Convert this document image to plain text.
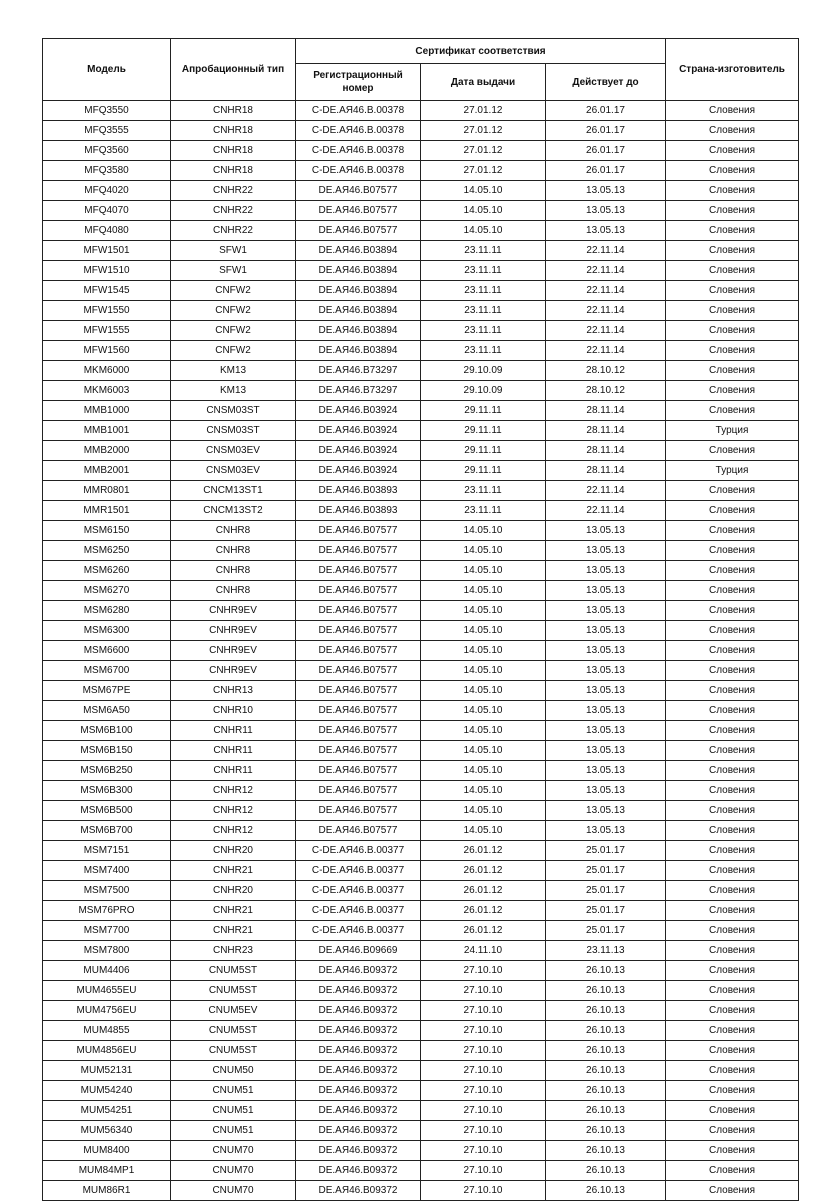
Модель	Апробационный тип	Сертификат соответствия			Страна-изготовитель
		Регистрационный номер	Дата выдачи	Действует до	
MFQ3550	CNHR18	C-DE.АЯ46.B.00378	27.01.12	26.01.17	Словения
MFQ3555	CNHR18	C-DE.АЯ46.B.00378	27.01.12	26.01.17	Словения
MFQ3560	CNHR18	C-DE.АЯ46.B.00378	27.01.12	26.01.17	Словения
MFQ3580	CNHR18	C-DE.АЯ46.B.00378	27.01.12	26.01.17	Словения
MFQ4020	CNHR22	DE.АЯ46.B07577	14.05.10	13.05.13	Словения
MFQ4070	CNHR22	DE.АЯ46.B07577	14.05.10	13.05.13	Словения
MFQ4080	CNHR22	DE.АЯ46.B07577	14.05.10	13.05.13	Словения
MFW1501	SFW1	DE.АЯ46.B03894	23.11.11	22.11.14	Словения
MFW1510	SFW1	DE.АЯ46.B03894	23.11.11	22.11.14	Словения
MFW1545	CNFW2	DE.АЯ46.B03894	23.11.11	22.11.14	Словения
MFW1550	CNFW2	DE.АЯ46.B03894	23.11.11	22.11.14	Словения
MFW1555	CNFW2	DE.АЯ46.B03894	23.11.11	22.11.14	Словения
MFW1560	CNFW2	DE.АЯ46.B03894	23.11.11	22.11.14	Словения
MKM6000	KM13	DE.АЯ46.B73297	29.10.09	28.10.12	Словения
MKM6003	KM13	DE.АЯ46.B73297	29.10.09	28.10.12	Словения
MMB1000	CNSM03ST	DE.АЯ46.B03924	29.11.11	28.11.14	Словения
MMB1001	CNSM03ST	DE.АЯ46.B03924	29.11.11	28.11.14	Турция
MMB2000	CNSM03EV	DE.АЯ46.B03924	29.11.11	28.11.14	Словения
MMB2001	CNSM03EV	DE.АЯ46.B03924	29.11.11	28.11.14	Турция
MMR0801	CNCM13ST1	DE.АЯ46.B03893	23.11.11	22.11.14	Словения
MMR1501	CNCM13ST2	DE.АЯ46.B03893	23.11.11	22.11.14	Словения
MSM6150	CNHR8	DE.АЯ46.B07577	14.05.10	13.05.13	Словения
MSM6250	CNHR8	DE.АЯ46.B07577	14.05.10	13.05.13	Словения
MSM6260	CNHR8	DE.АЯ46.B07577	14.05.10	13.05.13	Словения
MSM6270	CNHR8	DE.АЯ46.B07577	14.05.10	13.05.13	Словения
MSM6280	CNHR9EV	DE.АЯ46.B07577	14.05.10	13.05.13	Словения
MSM6300	CNHR9EV	DE.АЯ46.B07577	14.05.10	13.05.13	Словения
MSM6600	CNHR9EV	DE.АЯ46.B07577	14.05.10	13.05.13	Словения
MSM6700	CNHR9EV	DE.АЯ46.B07577	14.05.10	13.05.13	Словения
MSM67PE	CNHR13	DE.АЯ46.B07577	14.05.10	13.05.13	Словения
MSM6A50	CNHR10	DE.АЯ46.B07577	14.05.10	13.05.13	Словения
MSM6B100	CNHR11	DE.АЯ46.B07577	14.05.10	13.05.13	Словения
MSM6B150	CNHR11	DE.АЯ46.B07577	14.05.10	13.05.13	Словения
MSM6B250	CNHR11	DE.АЯ46.B07577	14.05.10	13.05.13	Словения
MSM6B300	CNHR12	DE.АЯ46.B07577	14.05.10	13.05.13	Словения
MSM6B500	CNHR12	DE.АЯ46.B07577	14.05.10	13.05.13	Словения
MSM6B700	CNHR12	DE.АЯ46.B07577	14.05.10	13.05.13	Словения
MSM7151	CNHR20	C-DE.АЯ46.B.00377	26.01.12	25.01.17	Словения
MSM7400	CNHR21	C-DE.АЯ46.B.00377	26.01.12	25.01.17	Словения
MSM7500	CNHR20	C-DE.АЯ46.B.00377	26.01.12	25.01.17	Словения
MSM76PRO	CNHR21	C-DE.АЯ46.B.00377	26.01.12	25.01.17	Словения
MSM7700	CNHR21	C-DE.АЯ46.B.00377	26.01.12	25.01.17	Словения
MSM7800	CNHR23	DE.АЯ46.B09669	24.11.10	23.11.13	Словения
MUM4406	CNUM5ST	DE.АЯ46.B09372	27.10.10	26.10.13	Словения
MUM4655EU	CNUM5ST	DE.АЯ46.B09372	27.10.10	26.10.13	Словения
MUM4756EU	CNUM5EV	DE.АЯ46.B09372	27.10.10	26.10.13	Словения
MUM4855	CNUM5ST	DE.АЯ46.B09372	27.10.10	26.10.13	Словения
MUM4856EU	CNUM5ST	DE.АЯ46.B09372	27.10.10	26.10.13	Словения
MUM52131	CNUM50	DE.АЯ46.B09372	27.10.10	26.10.13	Словения
MUM54240	CNUM51	DE.АЯ46.B09372	27.10.10	26.10.13	Словения
MUM54251	CNUM51	DE.АЯ46.B09372	27.10.10	26.10.13	Словения
MUM56340	CNUM51	DE.АЯ46.B09372	27.10.10	26.10.13	Словения
MUM8400	CNUM70	DE.АЯ46.B09372	27.10.10	26.10.13	Словения
MUM84MP1	CNUM70	DE.АЯ46.B09372	27.10.10	26.10.13	Словения
MUM86R1	CNUM70	DE.АЯ46.B09372	27.10.10	26.10.13	Словения
